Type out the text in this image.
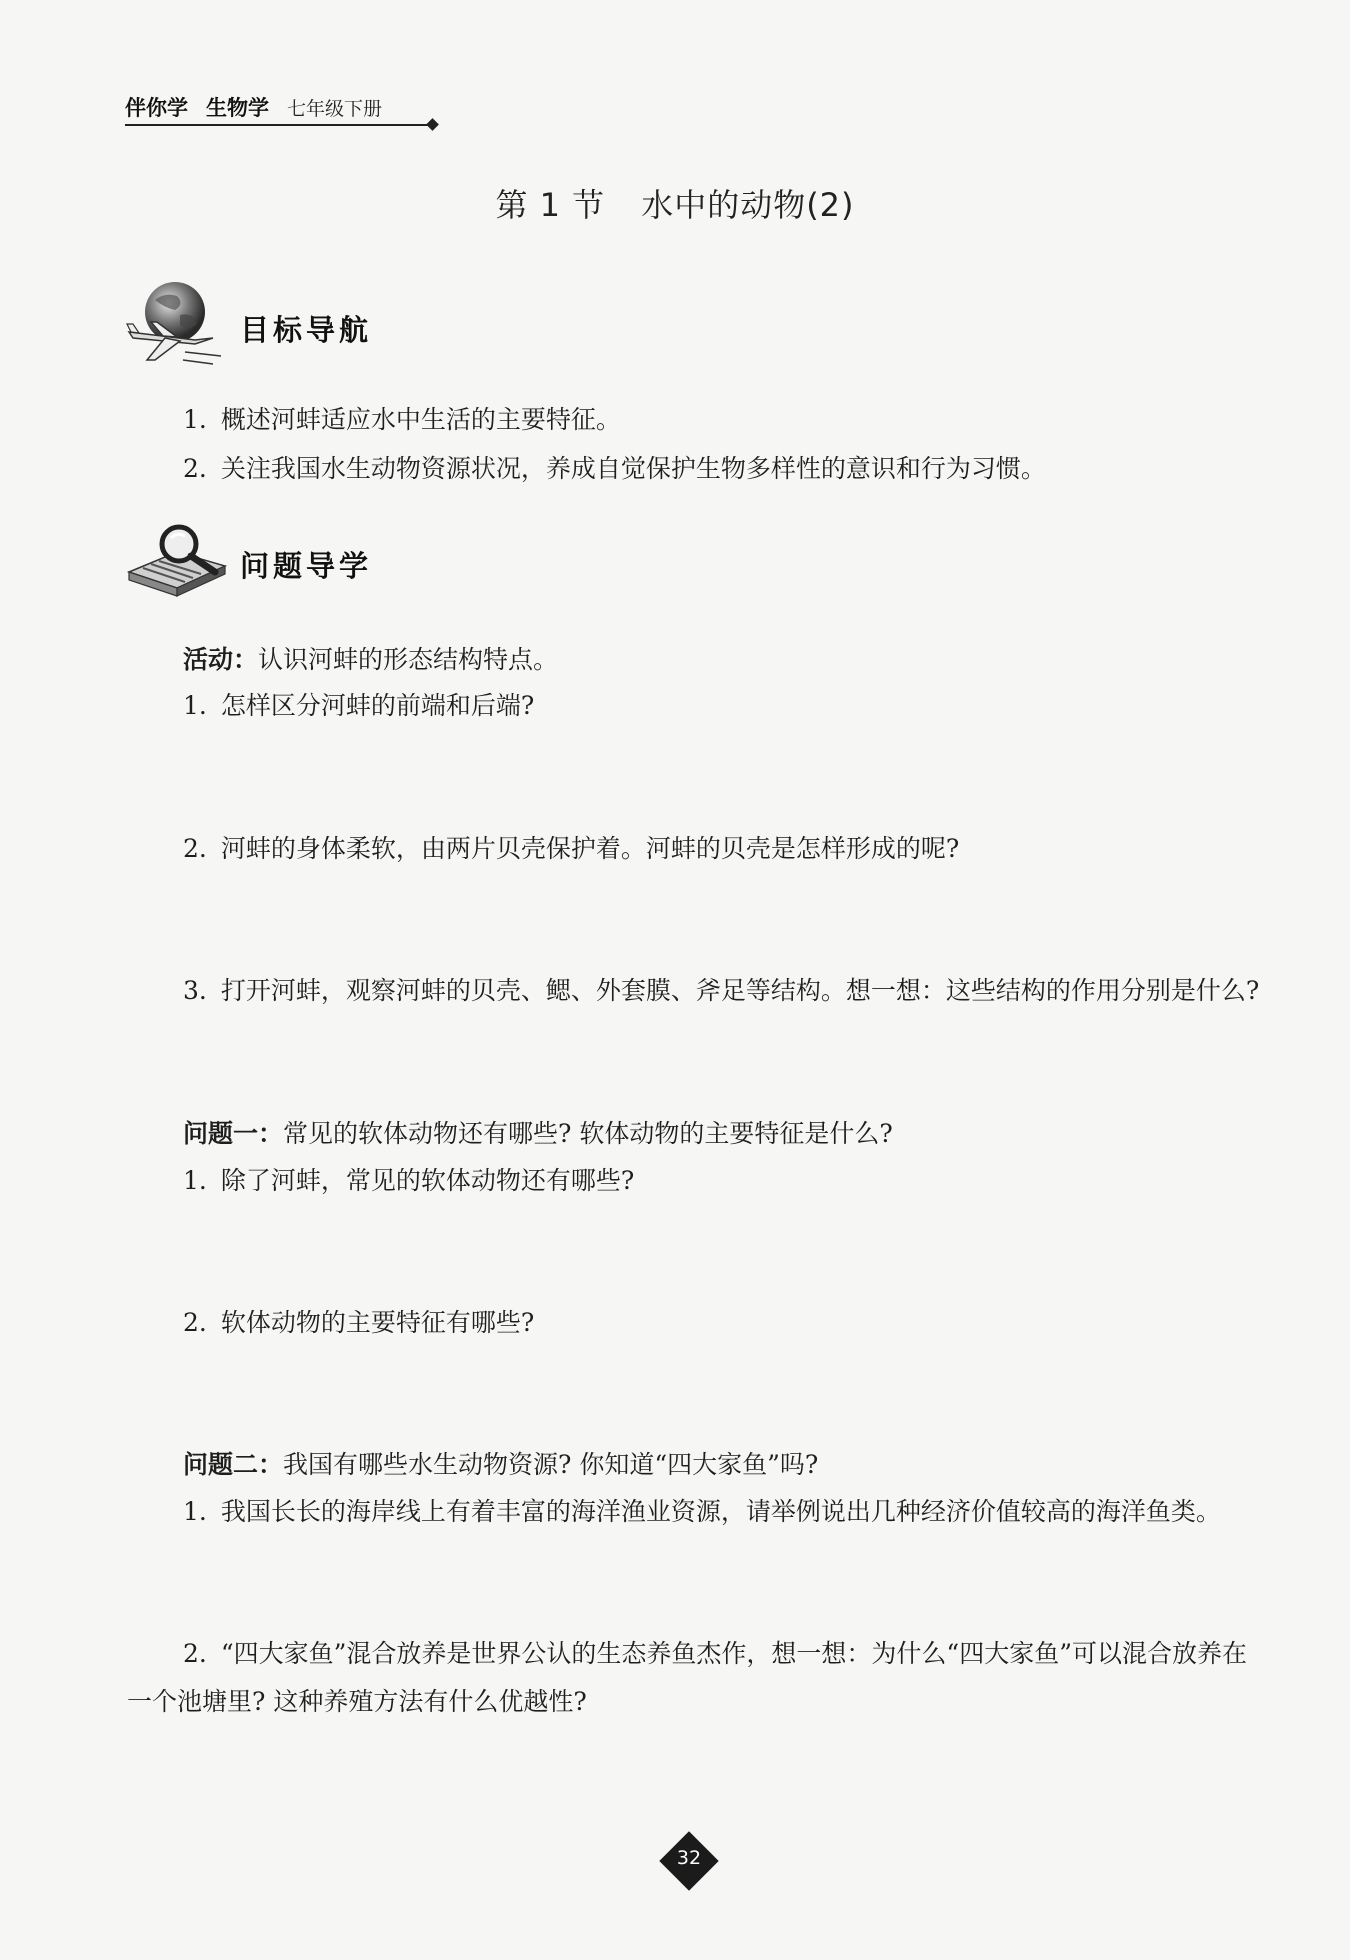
伴你学 生物学 七年级下册
第 1 节 水中的动物(2)
目标导航
1. 概述河蚌适应水中生活的主要特征。
2. 关注我国水生动物资源状况，养成自觉保护生物多样性的意识和行为习惯。
问题导学
活动：认识河蚌的形态结构特点。
1. 怎样区分河蚌的前端和后端?
2. 河蚌的身体柔软，由两片贝壳保护着。河蚌的贝壳是怎样形成的呢?
3. 打开河蚌，观察河蚌的贝壳、鳃、外套膜、斧足等结构。想一想：这些结构的作用分别是什么?
问题一：常见的软体动物还有哪些? 软体动物的主要特征是什么?
1. 除了河蚌，常见的软体动物还有哪些?
2. 软体动物的主要特征有哪些?
问题二：我国有哪些水生动物资源? 你知道“四大家鱼”吗?
1. 我国长长的海岸线上有着丰富的海洋渔业资源，请举例说出几种经济价值较高的海洋鱼类。
2. “四大家鱼”混合放养是世界公认的生态养鱼杰作，想一想：为什么“四大家鱼”可以混合放养在一个池塘里? 这种养殖方法有什么优越性?
32
